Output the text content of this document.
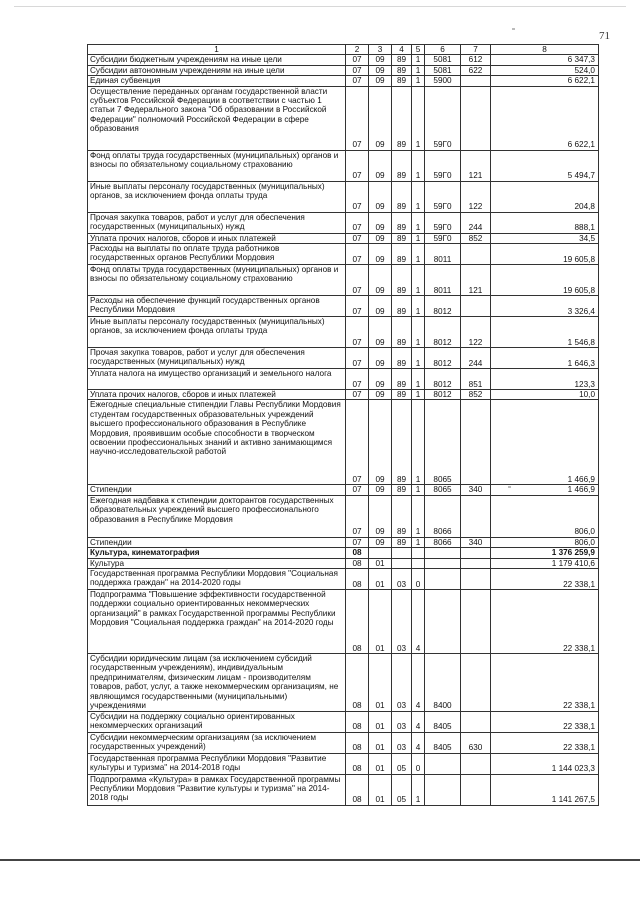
71
1	2	3	4	5	6	7	8
Субсидии бюджетным учреждениям на иные цели	07	09	89	1	5081	612	6 347,3
Субсидии автономным учреждениям на иные цели	07	09	89	1	5081	622	524,0
Единая субвенция	07	09	89	1	5900		6 622,1
Осуществление переданных органам государственной власти субъектов Российской Федерации в соответствии с частью 1 статьи 7 Федерального закона "Об образовании в Российской Федерации" полномочий Российской Федерации в сфере образования	07	09	89	1	59Г0		6 622,1
Фонд оплаты труда государственных (муниципальных) органов и взносы по обязательному социальному страхованию	07	09	89	1	59Г0	121	5 494,7
Иные выплаты персоналу государственных (муниципальных) органов, за исключением фонда оплаты труда	07	09	89	1	59Г0	122	204,8
Прочая закупка товаров, работ и услуг для обеспечения государственных (муниципальных) нужд	07	09	89	1	59Г0	244	888,1
Уплата прочих налогов, сборов и иных платежей	07	09	89	1	59Г0	852	34,5
Расходы на выплаты по оплате труда работников государственных органов Республики Мордовия	07	09	89	1	8011		19 605,8
Фонд оплаты труда государственных (муниципальных) органов и взносы по обязательному социальному страхованию	07	09	89	1	8011	121	19 605,8
Расходы на обеспечение функций государственных органов Республики Мордовия	07	09	89	1	8012		3 326,4
Иные выплаты персоналу государственных (муниципальных) органов, за исключением фонда оплаты труда	07	09	89	1	8012	122	1 546,8
Прочая закупка товаров, работ и услуг для обеспечения государственных (муниципальных) нужд	07	09	89	1	8012	244	1 646,3
Уплата налога на имущество организаций и земельного налога	07	09	89	1	8012	851	123,3
Уплата прочих налогов, сборов и иных платежей	07	09	89	1	8012	852	10,0
Ежегодные специальные стипендии Главы Республики Мордовия студентам государственных образовательных учреждений высшего профессионального образования в Республике Мордовия, проявившим особые способности в творческом освоении профессиональных знаний и активно занимающимся научно-исследовательской работой	07	09	89	1	8065		1 466,9
Стипендии	07	09	89	1	8065	340	1 466,9
Ежегодная надбавка к стипендии докторантов государственных образовательных учреждений высшего профессионального образования в Республике Мордовия	07	09	89	1	8066		806,0
Стипендии	07	09	89	1	8066	340	806,0
Культура, кинематография	08						1 376 259,9
Культура	08	01					1 179 410,6
Государственная программа Республики Мордовия "Социальная поддержка граждан" на 2014-2020 годы	08	01	03	0			22 338,1
Подпрограмма "Повышение эффективности государственной поддержки социально ориентированных некоммерческих организаций" в рамках Государственной программы Республики Мордовия "Социальная поддержка граждан" на 2014-2020 годы	08	01	03	4			22 338,1
Субсидии юридическим лицам (за исключением субсидий государственным учреждениям), индивидуальным предпринимателям, физическим лицам - производителям товаров, работ, услуг, а также некоммерческим организациям, не являющимся государственными (муниципальными) учреждениями	08	01	03	4	8400		22 338,1
Субсидии на поддержку социально ориентированных некоммерческих организаций	08	01	03	4	8405		22 338,1
Субсидии некоммерческим организациям (за исключением государственных учреждений)	08	01	03	4	8405	630	22 338,1
Государственная программа Республики Мордовия "Развитие культуры и туризма" на 2014-2018 годы	08	01	05	0			1 144 023,3
Подпрограмма «Культура» в рамках Государственной программы Республики Мордовия "Развитие культуры и туризма" на 2014-2018 годы	08	01	05	1			1 141 267,5
